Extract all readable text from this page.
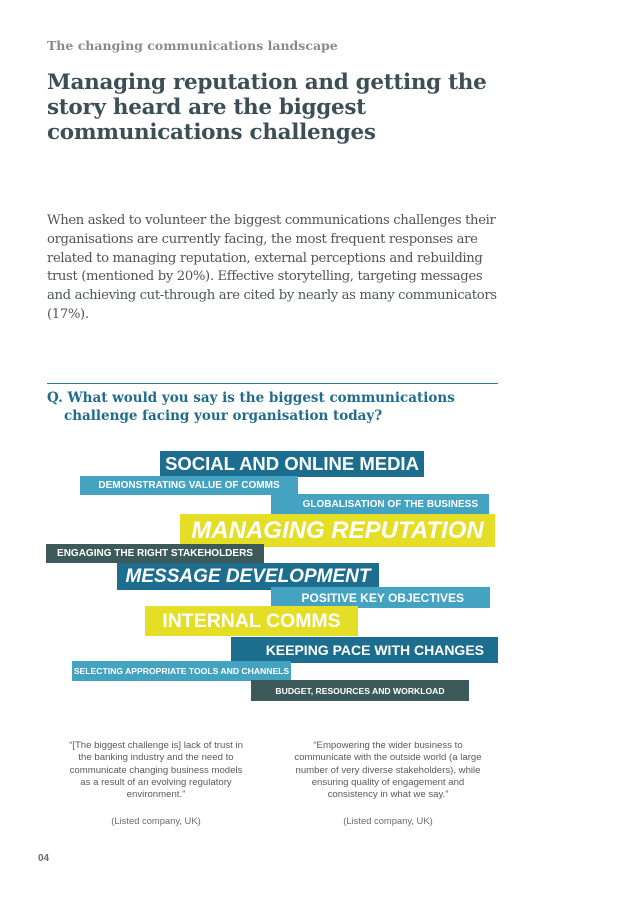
The changing communications landscape
Managing reputation and getting the story heard are the biggest communications challenges
When asked to volunteer the biggest communications challenges their organisations are currently facing, the most frequent responses are related to managing reputation, external perceptions and rebuilding trust (mentioned by 20%). Effective storytelling, targeting messages and achieving cut-through are cited by nearly as many communicators (17%).
Q. What would you say is the biggest communications challenge facing your organisation today?
SOCIAL AND ONLINE MEDIA
DEMONSTRATING VALUE OF COMMS
GLOBALISATION OF THE BUSINESS
MANAGING REPUTATION
ENGAGING THE RIGHT STAKEHOLDERS
MESSAGE DEVELOPMENT
POSITIVE KEY OBJECTIVES
INTERNAL COMMS
KEEPING PACE WITH CHANGES
SELECTING APPROPRIATE TOOLS AND CHANNELS
BUDGET, RESOURCES AND WORKLOAD
“[The biggest challenge is] lack of trust in the banking industry and the need to communicate changing business models as a result of an evolving regulatory environment.”
(Listed company, UK)
“Empowering the wider business to communicate with the outside world (a large number of very diverse stakeholders), while ensuring quality of engagement and consistency in what we say.”
(Listed company, UK)
04
